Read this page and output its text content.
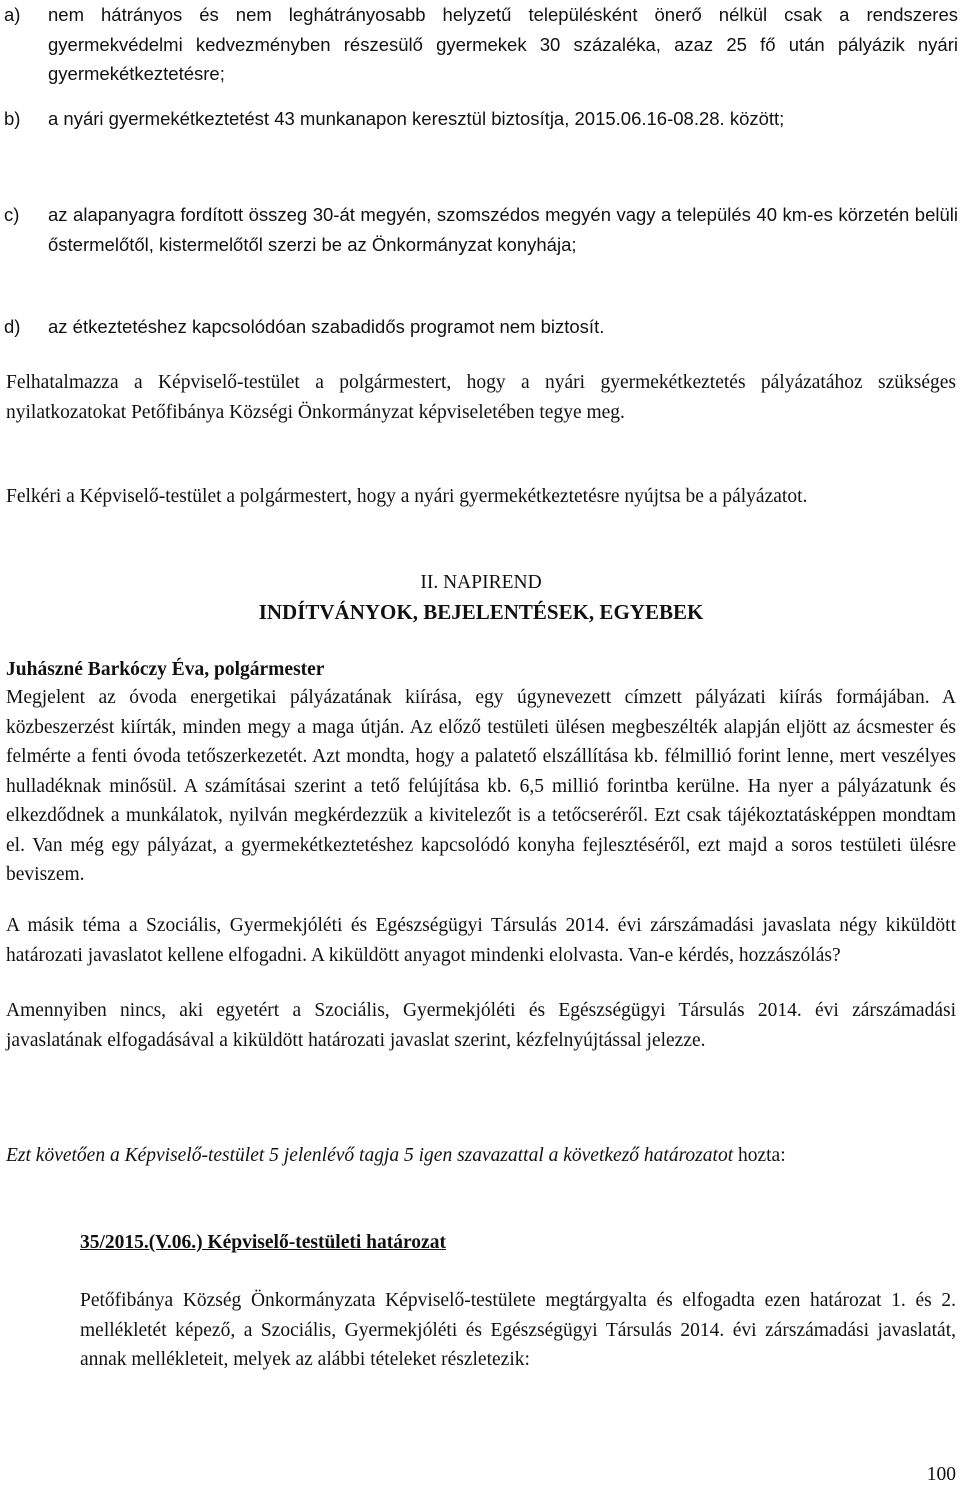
a) nem hátrányos és nem leghátrányosabb helyzetű településként önerő nélkül csak a rendszeres gyermekvédelmi kedvezményben részesülő gyermekek 30 százaléka, azaz 25 fő után pályázik nyári gyermekétkeztetésre;
b) a nyári gyermekétkeztetést 43 munkanapon keresztül biztosítja, 2015.06.16-08.28. között;
c) az alapanyagra fordított összeg 30-át megyén, szomszédos megyén vagy a település 40 km-es körzetén belüli őstermelőtől, kistermelőtől szerzi be az Önkormányzat konyhája;
d) az étkeztetéshez kapcsolódóan szabadidős programot nem biztosít.
Felhatalmazza a Képviselő-testület a polgármestert, hogy a nyári gyermekétkeztetés pályázatához szükséges nyilatkozatokat Petőfibánya Községi Önkormányzat képviseletében tegye meg.
Felkéri a Képviselő-testület a polgármestert, hogy a nyári gyermekétkeztetésre nyújtsa be a pályázatot.
II. NAPIREND
INDÍTVÁNYOK, BEJELENTÉSEK, EGYEBEK
Juhászné Barkóczy Éva, polgármester
Megjelent az óvoda energetikai pályázatának kiírása, egy úgynevezett címzett pályázati kiírás formájában. A közbeszerzést kiírták, minden megy a maga útján. Az előző testületi ülésen megbeszélték alapján eljött az ácsmester és felmérte a fenti óvoda tetőszerkezetét. Azt mondta, hogy a palatető elszállítása kb. félmillió forint lenne, mert veszélyes hulladéknak minősül. A számításai szerint a tető felújítása kb. 6,5 millió forintba kerülne. Ha nyer a pályázatunk és elkezdődnek a munkálatok, nyilván megkérdezzük a kivitelezőt is a tetőcseréről. Ezt csak tájékoztatásképpen mondtam el. Van még egy pályázat, a gyermekétkeztetéshez kapcsolódó konyha fejlesztéséről, ezt majd a soros testületi ülésre beviszem.
A másik téma a Szociális, Gyermekjóléti és Egészségügyi Társulás 2014. évi zárszámadási javaslata négy kiküldött határozati javaslatot kellene elfogadni. A kiküldött anyagot mindenki elolvasta. Van-e kérdés, hozzászólás?
Amennyiben nincs, aki egyetért a Szociális, Gyermekjóléti és Egészségügyi Társulás 2014. évi zárszámadási javaslatának elfogadásával a kiküldött határozati javaslat szerint, kézfelnyújtással jelezze.
Ezt követően a Képviselő-testület 5 jelenlévő tagja 5 igen szavazattal a következő határozatot hozta:
35/2015.(V.06.) Képviselő-testületi határozat
Petőfibánya Község Önkormányzata Képviselő-testülete megtárgyalta és elfogadta ezen határozat 1. és 2. mellékletét képező, a Szociális, Gyermekjóléti és Egészségügyi Társulás 2014. évi zárszámadási javaslatát, annak mellékleteit, melyek az alábbi tételeket részletezik:
100
